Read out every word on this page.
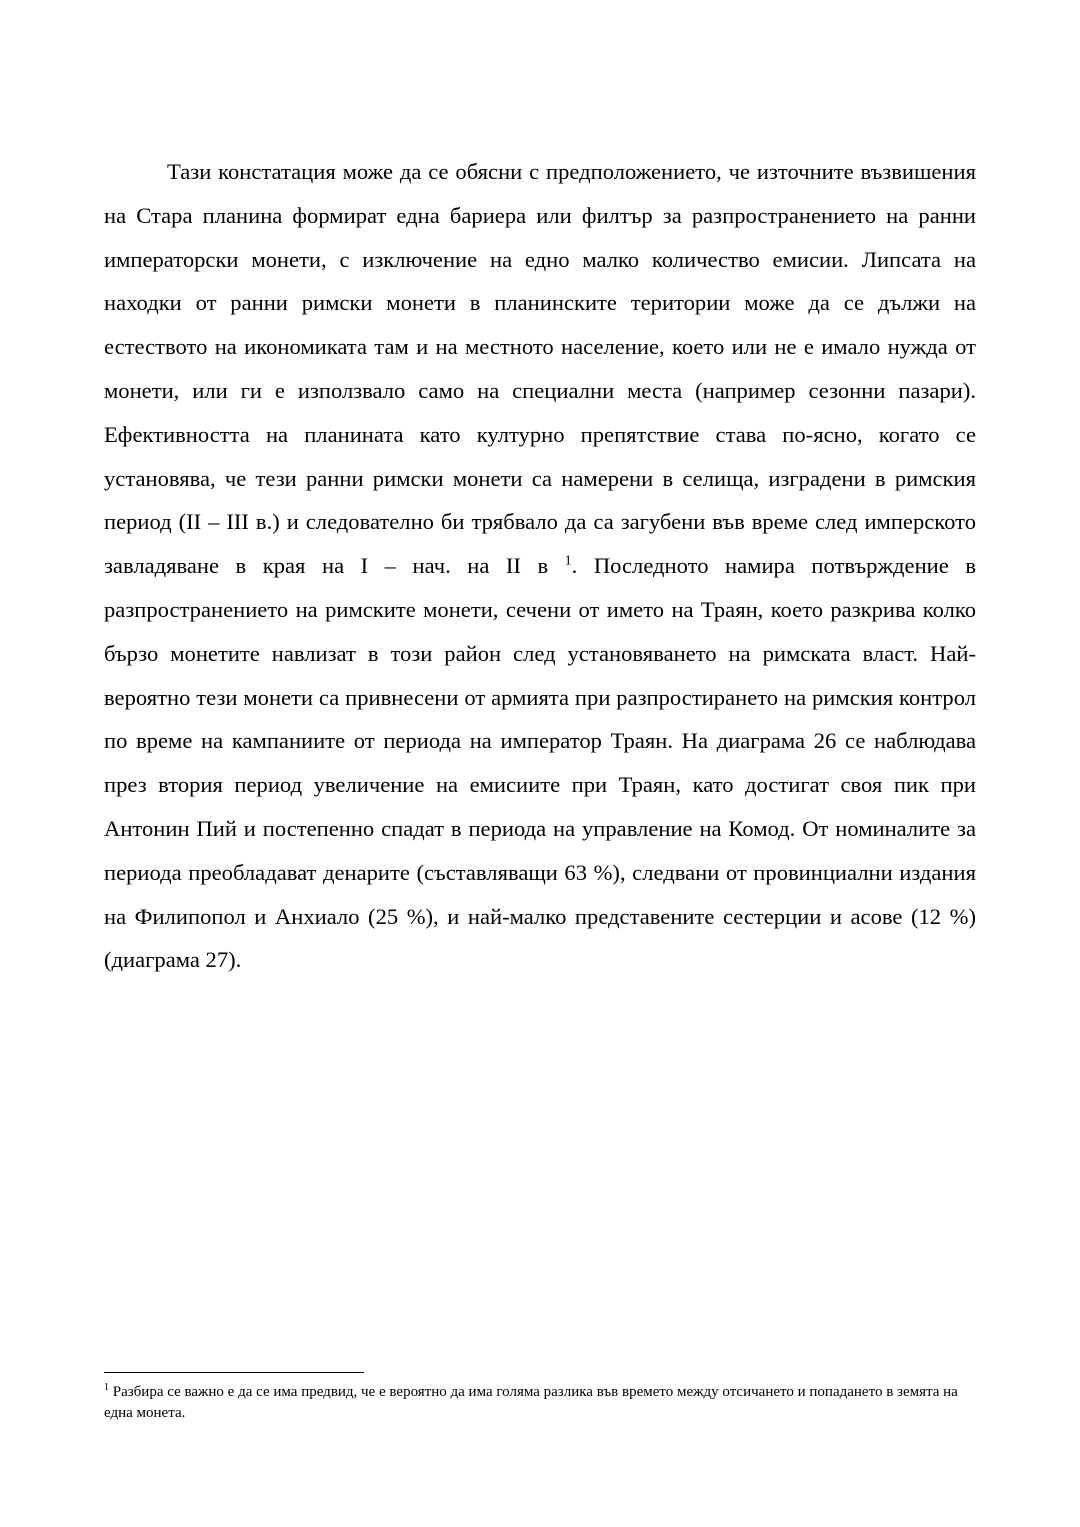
Тази констатация може да се обясни с предположението, че източните възвишения на Стара планина формират една бариера или филтър за разпространението на ранни императорски монети, с изключение на едно малко количество емисии. Липсата на находки от ранни римски монети в планинските територии може да се дължи на естеството на икономиката там и на местното население, което или не е имало нужда от монети, или ги е използвало само на специални места (например сезонни пазари). Ефективността на планината като културно препятствие става по-ясно, когато се установява, че тези ранни римски монети са намерени в селища, изградени в римския период (II – III в.) и следователно би трябвало да са загубени във време след имперското завладяване в края на I – нач. на II в $^1$. Последното намира потвърждение в разпространението на римските монети, сечени от името на Траян, което разкрива колко бързо монетите навлизат в този район след установяването на римската власт. Най-вероятно тези монети са привнесени от армията при разпростирането на римския контрол по време на кампаниите от периода на император Траян. На диаграма 26 се наблюдава през втория период увеличение на емисиите при Траян, като достигат своя пик при Антонин Пий и постепенно спадат в периода на управление на Комод. От номиналите за периода преобладават денарите (съставляващи 63 %), следвани от провинциални издания на Филипопол и Анхиало (25 %), и най-малко представените сестерции и асове (12 %) (диаграма 27).

$^1$ Разбира се важно е да се има предвид, че е вероятно да има голяма разлика във времето между отсичането и попадането в земята на една монета.
